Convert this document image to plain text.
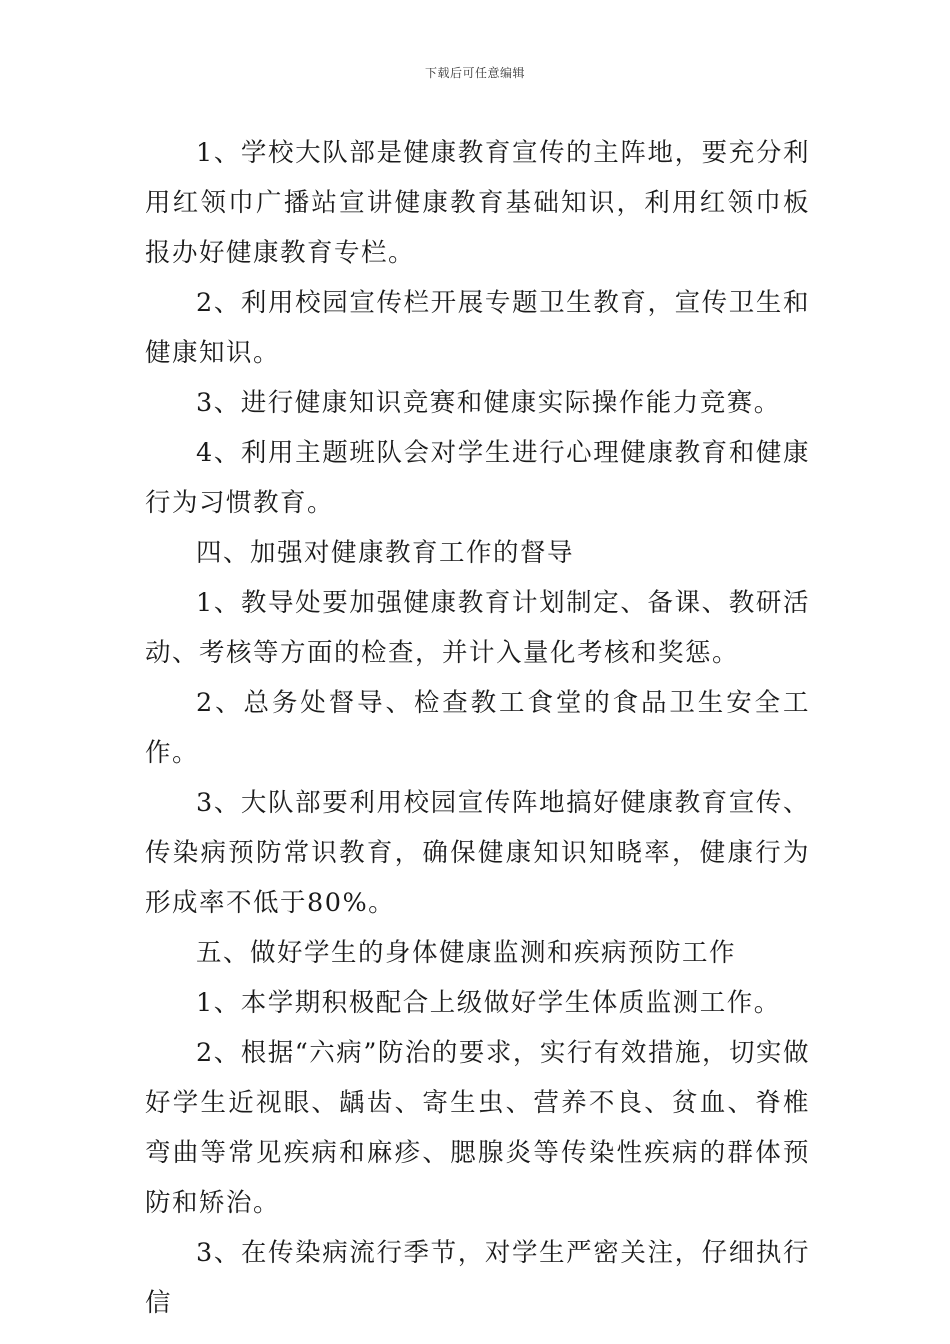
下载后可任意编辑

1、学校大队部是健康教育宣传的主阵地，要充分利用红领巾广播站宣讲健康教育基础知识，利用红领巾板报办好健康教育专栏。

2、利用校园宣传栏开展专题卫生教育，宣传卫生和健康知识。

3、进行健康知识竞赛和健康实际操作能力竞赛。

4、利用主题班队会对学生进行心理健康教育和健康行为习惯教育。

四、加强对健康教育工作的督导

1、教导处要加强健康教育计划制定、备课、教研活动、考核等方面的检查，并计入量化考核和奖惩。

2、总务处督导、检查教工食堂的食品卫生安全工作。

3、大队部要利用校园宣传阵地搞好健康教育宣传、传染病预防常识教育，确保健康知识知晓率，健康行为形成率不低于80%。

五、做好学生的身体健康监测和疾病预防工作

1、本学期积极配合上级做好学生体质监测工作。

2、根据“六病”防治的要求，实行有效措施，切实做好学生近视眼、龋齿、寄生虫、营养不良、贫血、脊椎弯曲等常见疾病和麻疹、腮腺炎等传染性疾病的群体预防和矫治。

3、在传染病流行季节，对学生严密关注，仔细执行信
